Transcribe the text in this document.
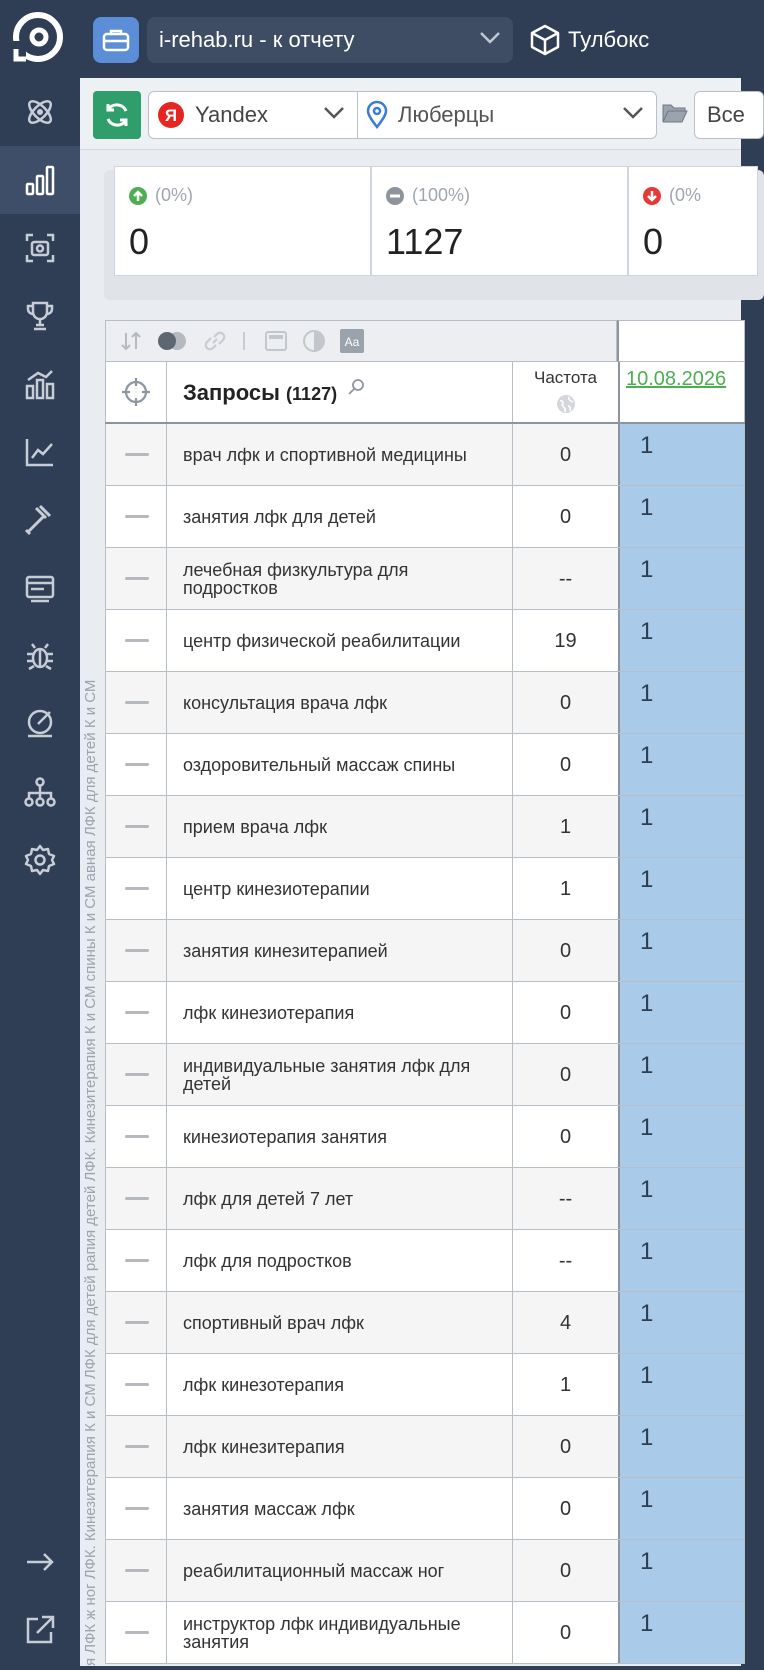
i-rehab.ru - к отчету	Тулбокс
Я Yandex	Люберцы	Все
(0%)
0
(100%)
1127
(0%
0
Aa
Запросы (1127)
Частота	10.08.2026
врач лфк и спортивной медицины	0	1
занятия лфк для детей	0	1
лечебная физкультура для подростков	--	1
центр физической реабилитации	19	1
консультация врача лфк	0	1
оздоровительный массаж спины	0	1
прием врача лфк	1	1
центр кинезиотерапии	1	1
занятия кинезитерапией	0	1
лфк кинезиотерапия	0	1
индивидуальные занятия лфк для детей	0	1
кинезиотерапия занятия	0	1
лфк для детей 7 лет	--	1
лфк для подростков	--	1
спортивный врач лфк	4	1
лфк кинезотерапия	1	1
лфк кинезитерапия	0	1
занятия массаж лфк	0	1
реабилитационный массаж ног	0	1
инструктор лфк индивидуальные занятия	0	1
я ЛФК ж ног ЛФК. Кинезитерапия К и СМ ЛФК для детей рапия детей ЛФК. Кинезитерапия К и СМ спины К и СМ авная ЛФК для детей К и СМ
